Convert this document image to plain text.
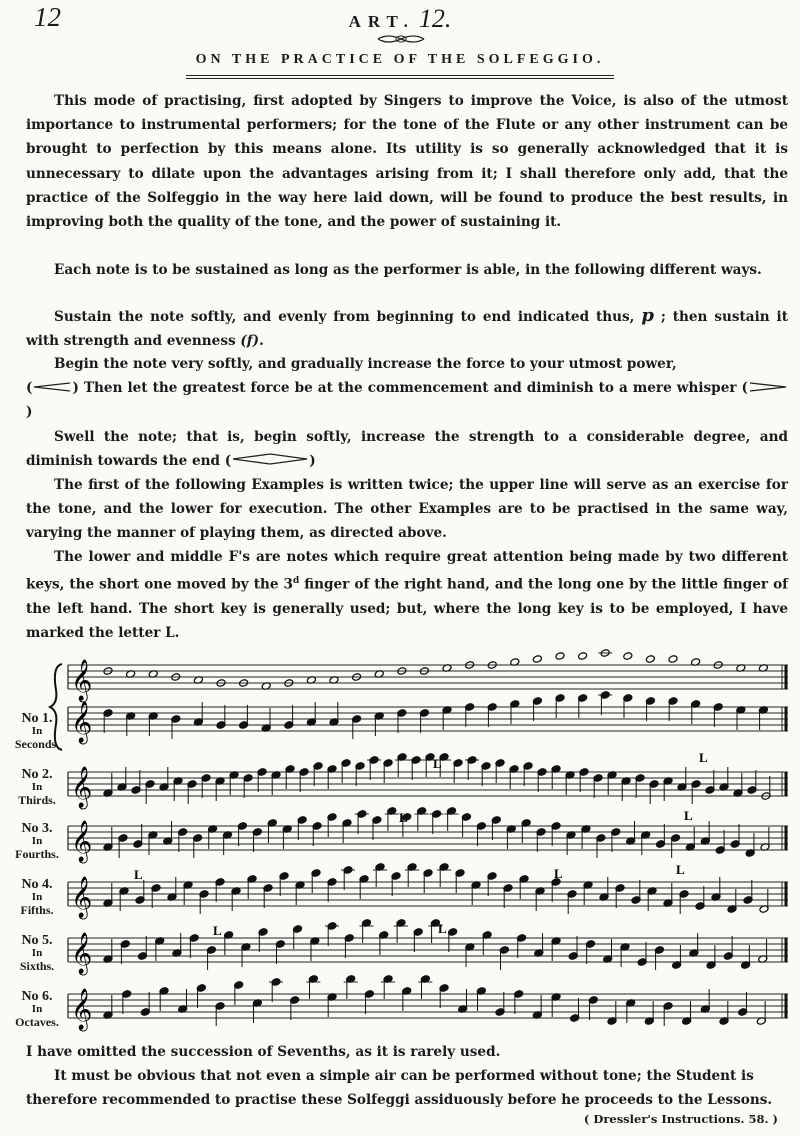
12	ART. 12.
ON THE PRACTICE OF THE SOLFEGGIO.

This mode of practising, first adopted by Singers to improve the Voice, is also of the utmost importance to instrumental performers; for the tone of the Flute or any other instrument can be brought to perfection by this means alone. Its utility is so generally acknowledged that it is unnecessary to dilate upon the advantages arising from it; I shall therefore only add, that the practice of the Solfeggio in the way here laid down, will be found to produce the best results, in improving both the quality of the tone, and the power of sustaining it.

Each note is to be sustained as long as the performer is able, in the following different ways.

Sustain the note softly, and evenly from beginning to end indicated thus, p ; then sustain it with strength and evenness (f).

Begin the note very softly, and gradually increase the force to your utmost power,
(	) Then let the greatest force be at the commencement and diminish to a mere whisper ()

Swell the note; that is, begin softly, increase the strength to a considerable degree, and diminish towards the end (	)

The first of the following Examples is written twice; the upper line will serve as an exercise for the tone, and the lower for execution. The other Examples are to be practised in the same way, varying the manner of playing them, as directed above.

The lower and middle F's are notes which require great attention being made by two different keys, the short one moved by the 3$^d$ finger of the right hand, and the long one by the little finger of the left hand. The short key is generally used; but, where the long key is to be employed, I have marked the letter L.

No 1.
In
Seconds.
No 2.
In
Thirds.
No 3.
In
Fourths.
No 4.
In
Fifths.
No 5.
In
Sixths.
No 6.
In
Octaves.
𝄞
𝄞
𝄞
𝄞
𝄞
𝄞
𝄞
L	L
L	L
L	L	L
L	L
I have omitted the succession of Sevenths, as it is rarely used.
It must be obvious that not even a simple air can be performed without tone; the Student is therefore recommended to practise these Solfeggi assiduously before he proceeds to the Lessons.
( Dressler's Instructions. 58. )
